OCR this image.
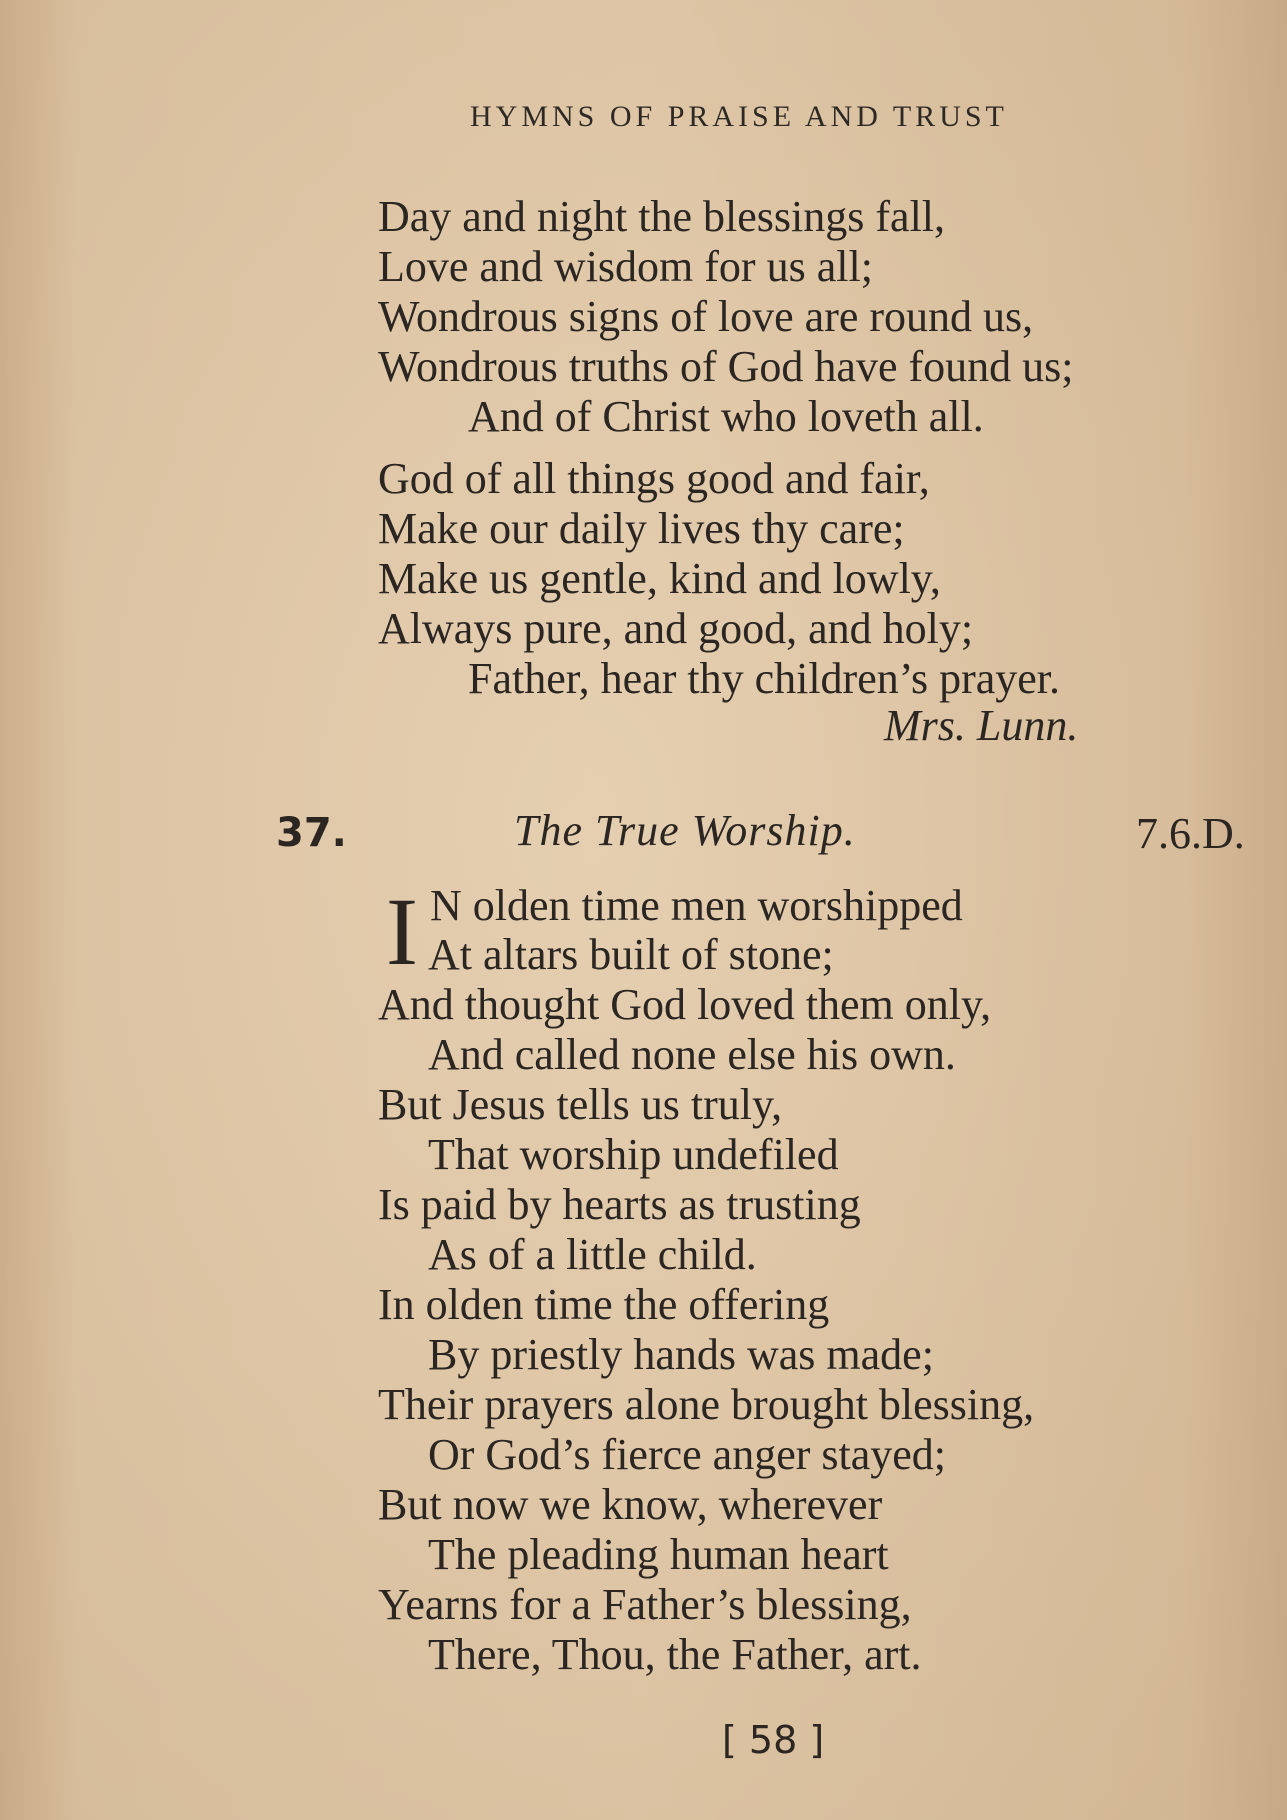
HYMNS OF PRAISE AND TRUST
Day and night the blessings fall,
Love and wisdom for us all;
Wondrous signs of love are round us,
Wondrous truths of God have found us;
And of Christ who loveth all.
God of all things good and fair,
Make our daily lives thy care;
Make us gentle, kind and lowly,
Always pure, and good, and holy;
Father, hear thy children’s prayer.
Mrs. Lunn.
37.	The True Worship.	7.6.D.
I N olden time men worshipped
At altars built of stone;
And thought God loved them only,
And called none else his own.
But Jesus tells us truly,
That worship undefiled
Is paid by hearts as trusting
As of a little child.
In olden time the offering
By priestly hands was made;
Their prayers alone brought blessing,
Or God’s fierce anger stayed;
But now we know, wherever
The pleading human heart
Yearns for a Father’s blessing,
There, Thou, the Father, art.
[ 58 ]
